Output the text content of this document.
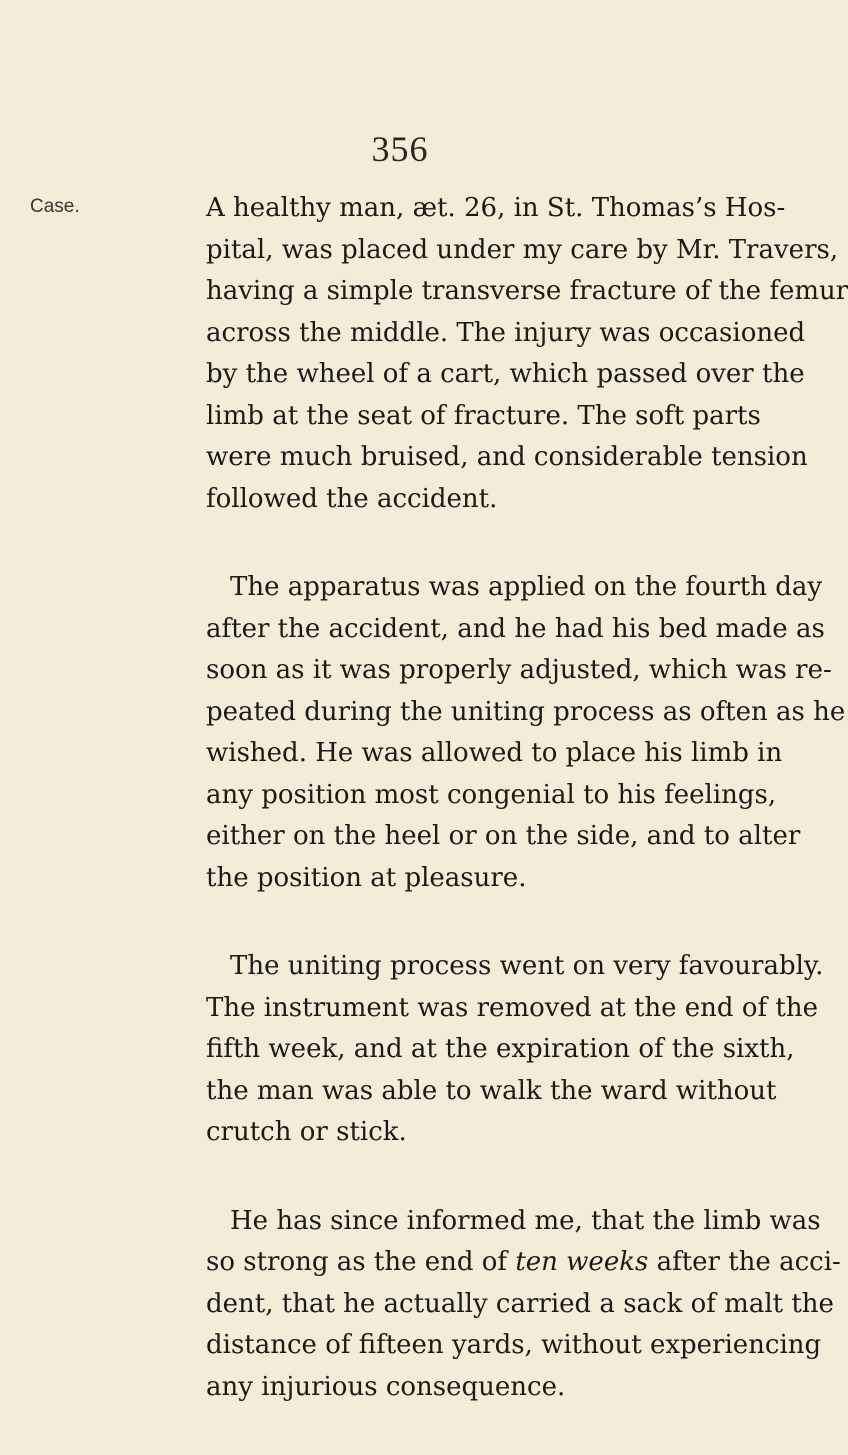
356
Case.	A healthy man, æt. 26, in St. Thomas’s Hos-
pital, was placed under my care by Mr. Travers,
having a simple transverse fracture of the femur
across the middle. The injury was occasioned
by the wheel of a cart, which passed over the
limb at the seat of fracture. The soft parts
were much bruised, and considerable tension
followed the accident.
The apparatus was applied on the fourth day
after the accident, and he had his bed made as
soon as it was properly adjusted, which was re-
peated during the uniting process as often as he
wished. He was allowed to place his limb in
any position most congenial to his feelings,
either on the heel or on the side, and to alter
the position at pleasure.
The uniting process went on very favourably.
The instrument was removed at the end of the
fifth week, and at the expiration of the sixth,
the man was able to walk the ward without
crutch or stick.
He has since informed me, that the limb was
so strong as the end of ten weeks after the acci-
dent, that he actually carried a sack of malt the
distance of fifteen yards, without experiencing
any injurious consequence.
